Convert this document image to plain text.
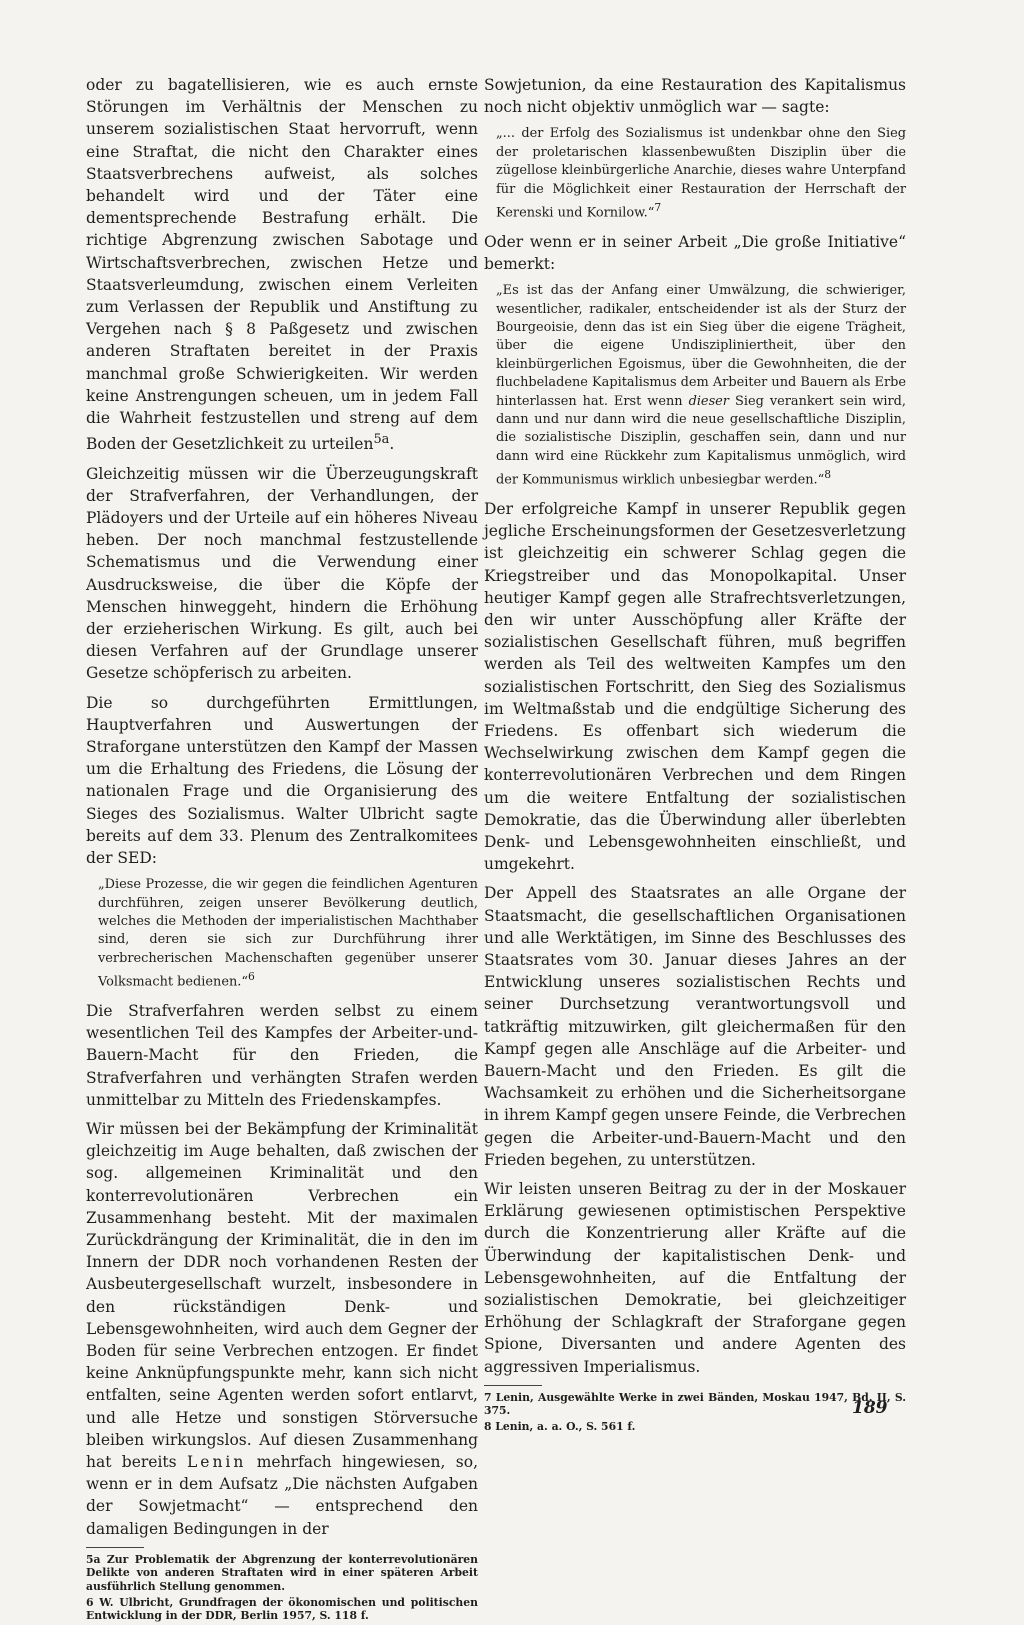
oder zu bagatellisieren, wie es auch ernste Störungen im Verhältnis der Menschen zu unserem sozialistischen Staat hervorruft, wenn eine Straftat, die nicht den Charakter eines Staatsverbrechens aufweist, als solches behandelt wird und der Täter eine dementsprechende Bestrafung erhält. Die richtige Abgrenzung zwischen Sabotage und Wirtschaftsverbrechen, zwischen Hetze und Staatsverleumdung, zwischen einem Verleiten zum Verlassen der Republik und Anstiftung zu Vergehen nach § 8 Paßgesetz und zwischen anderen Straftaten bereitet in der Praxis manchmal große Schwierigkeiten. Wir werden keine Anstrengungen scheuen, um in jedem Fall die Wahrheit festzustellen und streng auf dem Boden der Gesetzlichkeit zu urteilen$^{5a}$.

Gleichzeitig müssen wir die Überzeugungskraft der Strafverfahren, der Verhandlungen, der Plädoyers und der Urteile auf ein höheres Niveau heben. Der noch manchmal festzustellende Schematismus und die Verwendung einer Ausdrucksweise, die über die Köpfe der Menschen hinweggeht, hindern die Erhöhung der erzieherischen Wirkung. Es gilt, auch bei diesen Verfahren auf der Grundlage unserer Gesetze schöpferisch zu arbeiten.

Die so durchgeführten Ermittlungen, Hauptverfahren und Auswertungen der Straforgane unterstützen den Kampf der Massen um die Erhaltung des Friedens, die Lösung der nationalen Frage und die Organisierung des Sieges des Sozialismus. Walter Ulbricht sagte bereits auf dem 33. Plenum des Zentralkomitees der SED:

„Diese Prozesse, die wir gegen die feindlichen Agenturen durchführen, zeigen unserer Bevölkerung deutlich, welches die Methoden der imperialistischen Machthaber sind, deren sie sich zur Durchführung ihrer verbrecherischen Machenschaften gegenüber unserer Volksmacht bedienen.“$^6$

Die Strafverfahren werden selbst zu einem wesentlichen Teil des Kampfes der Arbeiter-und-Bauern-Macht für den Frieden, die Strafverfahren und verhängten Strafen werden unmittelbar zu Mitteln des Friedenskampfes.

Wir müssen bei der Bekämpfung der Kriminalität gleichzeitig im Auge behalten, daß zwischen der sog. allgemeinen Kriminalität und den konterrevolutionären Verbrechen ein Zusammenhang besteht. Mit der maximalen Zurückdrängung der Kriminalität, die in den im Innern der DDR noch vorhandenen Resten der Ausbeutergesellschaft wurzelt, insbesondere in den rückständigen Denk- und Lebensgewohnheiten, wird auch dem Gegner der Boden für seine Verbrechen entzogen. Er findet keine Anknüpfungspunkte mehr, kann sich nicht entfalten, seine Agenten werden sofort entlarvt, und alle Hetze und sonstigen Störversuche bleiben wirkungslos. Auf diesen Zusammenhang hat bereits Lenin mehrfach hingewiesen, so, wenn er in dem Aufsatz „Die nächsten Aufgaben der Sowjetmacht“ — entsprechend den damaligen Bedingungen in der

5a Zur Problematik der Abgrenzung der konterrevolutionären Delikte von anderen Straftaten wird in einer späteren Arbeit ausführlich Stellung genommen.

6 W. Ulbricht, Grundfragen der ökonomischen und politischen Entwicklung in der DDR, Berlin 1957, S. 118 f.

Sowjetunion, da eine Restauration des Kapitalismus noch nicht objektiv unmöglich war — sagte:

„... der Erfolg des Sozialismus ist undenkbar ohne den Sieg der proletarischen klassenbewußten Disziplin über die zügellose kleinbürgerliche Anarchie, dieses wahre Unterpfand für die Möglichkeit einer Restauration der Herrschaft der Kerenski und Kornilow.“$^7$

Oder wenn er in seiner Arbeit „Die große Initiative“ bemerkt:

„Es ist das der Anfang einer Umwälzung, die schwieriger, wesentlicher, radikaler, entscheidender ist als der Sturz der Bourgeoisie, denn das ist ein Sieg über die eigene Trägheit, über die eigene Undiszipliniertheit, über den kleinbürgerlichen Egoismus, über die Gewohnheiten, die der fluchbeladene Kapitalismus dem Arbeiter und Bauern als Erbe hinterlassen hat. Erst wenn dieser Sieg verankert sein wird, dann und nur dann wird die neue gesellschaftliche Disziplin, die sozialistische Disziplin, geschaffen sein, dann und nur dann wird eine Rückkehr zum Kapitalismus unmöglich, wird der Kommunismus wirklich unbesiegbar werden.“$^8$

Der erfolgreiche Kampf in unserer Republik gegen jegliche Erscheinungsformen der Gesetzesverletzung ist gleichzeitig ein schwerer Schlag gegen die Kriegstreiber und das Monopolkapital. Unser heutiger Kampf gegen alle Strafrechtsverletzungen, den wir unter Ausschöpfung aller Kräfte der sozialistischen Gesellschaft führen, muß begriffen werden als Teil des weltweiten Kampfes um den sozialistischen Fortschritt, den Sieg des Sozialismus im Weltmaßstab und die endgültige Sicherung des Friedens. Es offenbart sich wiederum die Wechselwirkung zwischen dem Kampf gegen die konterrevolutionären Verbrechen und dem Ringen um die weitere Entfaltung der sozialistischen Demokratie, das die Überwindung aller überlebten Denk- und Lebensgewohnheiten einschließt, und umgekehrt.

Der Appell des Staatsrates an alle Organe der Staatsmacht, die gesellschaftlichen Organisationen und alle Werktätigen, im Sinne des Beschlusses des Staatsrates vom 30. Januar dieses Jahres an der Entwicklung unseres sozialistischen Rechts und seiner Durchsetzung verantwortungsvoll und tatkräftig mitzuwirken, gilt gleichermaßen für den Kampf gegen alle Anschläge auf die Arbeiter- und Bauern-Macht und den Frieden. Es gilt die Wachsamkeit zu erhöhen und die Sicherheitsorgane in ihrem Kampf gegen unsere Feinde, die Verbrechen gegen die Arbeiter-und-Bauern-Macht und den Frieden begehen, zu unterstützen.

Wir leisten unseren Beitrag zu der in der Moskauer Erklärung gewiesenen optimistischen Perspektive durch die Konzentrierung aller Kräfte auf die Überwindung der kapitalistischen Denk- und Lebensgewohnheiten, auf die Entfaltung der sozialistischen Demokratie, bei gleichzeitiger Erhöhung der Schlagkraft der Straforgane gegen Spione, Diversanten und andere Agenten des aggressiven Imperialismus.

7 Lenin, Ausgewählte Werke in zwei Bänden, Moskau 1947, Bd. II, S. 375.

8 Lenin, a. a. O., S. 561 f.

189
